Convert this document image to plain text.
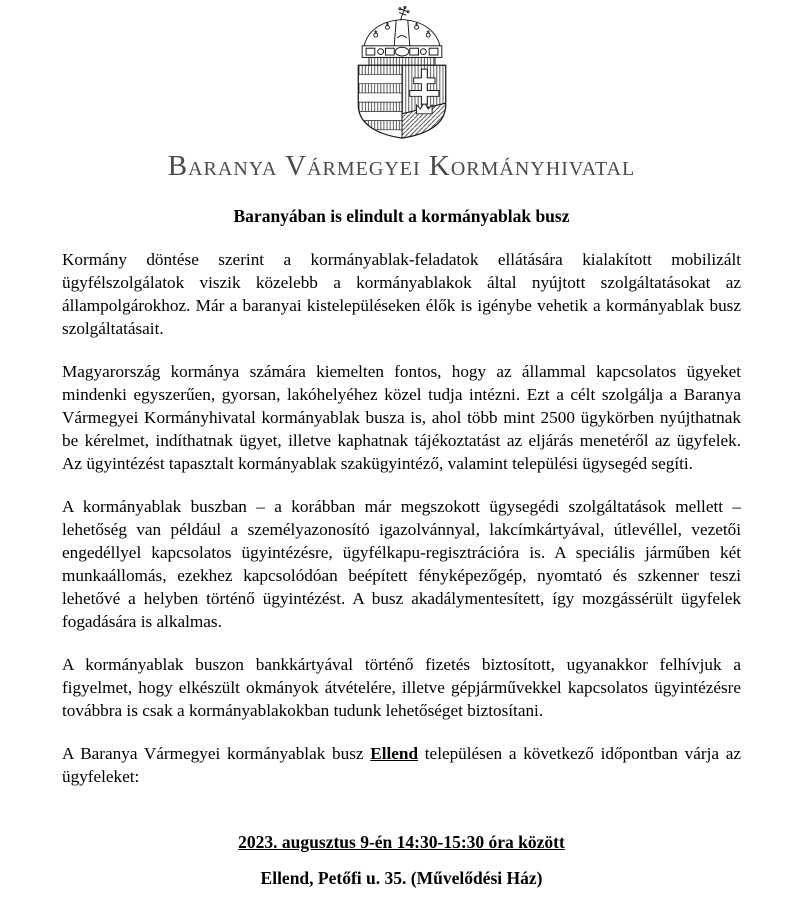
Baranya Vármegyei Kormányhivatal
Baranyában is elindult a kormányablak busz

Kormány döntése szerint a kormányablak-feladatok ellátására kialakított mobilizált ügyfélszolgálatok viszik közelebb a kormányablakok által nyújtott szolgáltatásokat az állampolgárokhoz. Már a baranyai kistelepüléseken élők is igénybe vehetik a kormányablak busz szolgáltatásait.

Magyarország kormánya számára kiemelten fontos, hogy az állammal kapcsolatos ügyeket mindenki egyszerűen, gyorsan, lakóhelyéhez közel tudja intézni. Ezt a célt szolgálja a Baranya Vármegyei Kormányhivatal kormányablak busza is, ahol több mint 2500 ügykörben nyújthatnak be kérelmet, indíthatnak ügyet, illetve kaphatnak tájékoztatást az eljárás menetéről az ügyfelek. Az ügyintézést tapasztalt kormányablak szakügyintéző, valamint települési ügysegéd segíti.

A kormányablak buszban – a korábban már megszokott ügysegédi szolgáltatások mellett – lehetőség van például a személyazonosító igazolvánnyal, lakcímkártyával, útlevéllel, vezetői engedéllyel kapcsolatos ügyintézésre, ügyfélkapu-regisztrációra is. A speciális járműben két munkaállomás, ezekhez kapcsolódóan beépített fényképezőgép, nyomtató és szkenner teszi lehetővé a helyben történő ügyintézést. A busz akadálymentesített, így mozgássérült ügyfelek fogadására is alkalmas.

A kormányablak buszon bankkártyával történő fizetés biztosított, ugyanakkor felhívjuk a figyelmet, hogy elkészült okmányok átvételére, illetve gépjárművekkel kapcsolatos ügyintézésre továbbra is csak a kormányablakokban tudunk lehetőséget biztosítani.

A Baranya Vármegyei kormányablak busz Ellend településen a következő időpontban várja az ügyfeleket:

2023. augusztus 9-én 14:30-15:30 óra között
Ellend, Petőfi u. 35. (Művelődési Ház)
